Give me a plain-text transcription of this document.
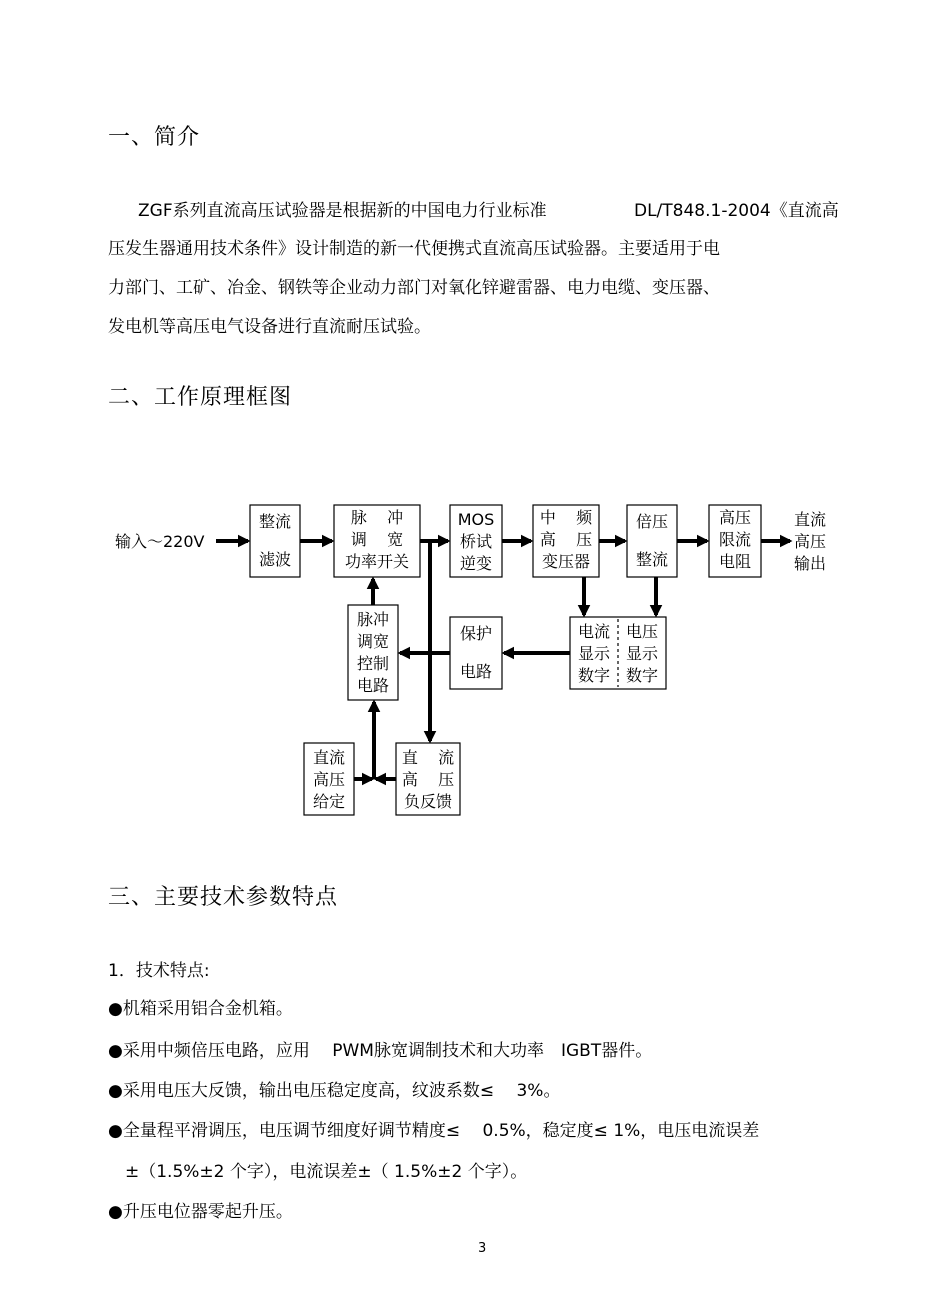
一、简介
ZGF系列直流高压试验器是根据新的中国电力行业标准	DL/T848.1-2004《直流高
压发生器通用技术条件》设计制造的新一代便携式直流高压试验器。主要适用于电
力部门、工矿、冶金、钢铁等企业动力部门对氧化锌避雷器、电力电缆、变压器、
发电机等高压电气设备进行直流耐压试验。
二、工作原理框图
输入～220V
整流
滤波
脉    冲
调    宽
功率开关
MOS
桥试
逆变
中    频
高    压
变压器
倍压
整流
高压
限流
电阻
直流
高压
输出
脉冲
调宽
控制
电路
保护
电路
电流
显示
数字
电压
显示
数字
直流
高压
给定
直    流
高    压
负反馈
三、主要技术参数特点
1．技术特点:
●机箱采用铝合金机箱。
●采用中频倍压电路，应用　 PWM脉宽调制技术和大功率　IGBT器件。
●采用电压大反馈，输出电压稳定度高，纹波系数≤　 3%。
●全量程平滑调压，电压调节细度好调节精度≤　 0.5%，稳定度≤ 1%，电压电流误差
　±（1.5%±2 个字），电流误差±（ 1.5%±2 个字）。
●升压电位器零起升压。
3
